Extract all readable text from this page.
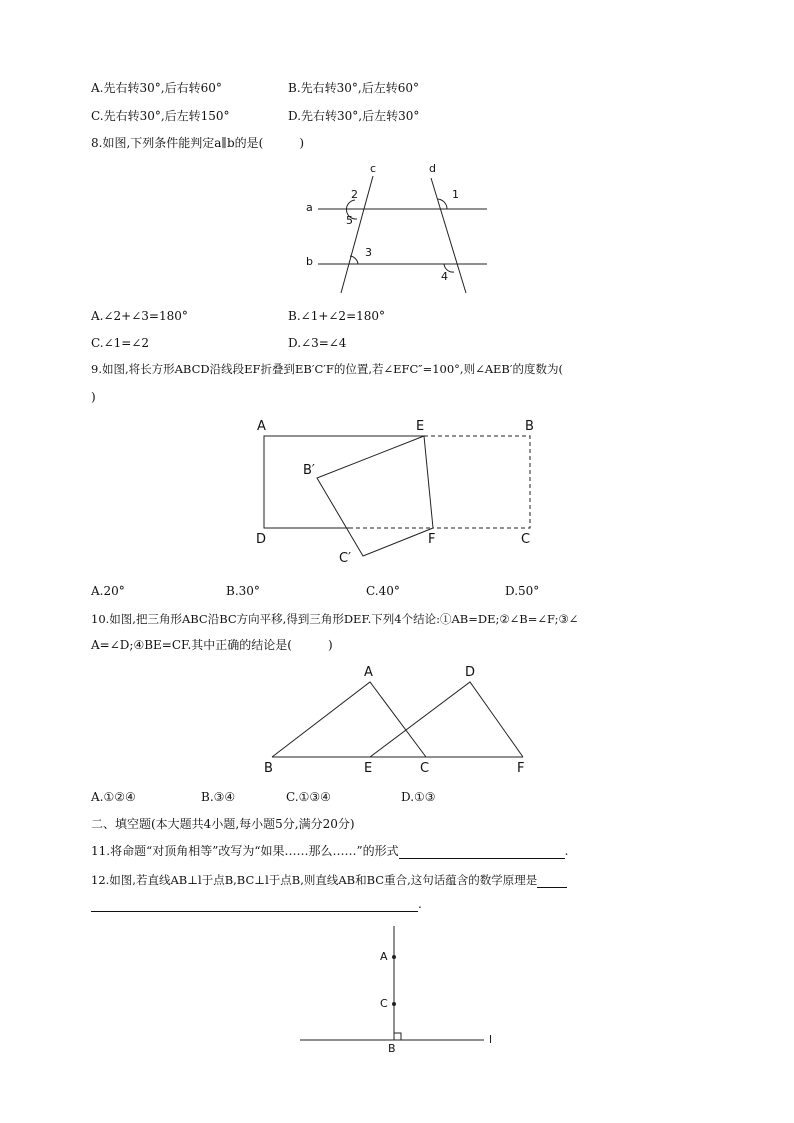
A.先右转30°,后右转60°	B.先右转30°,后左转60°
C.先右转30°,后左转150°	D.先右转30°,后左转30°
8.如图,下列条件能判定a∥b的是(　　　)
c	d
a
b
1
2
5
3
4
A.∠2+∠3=180°	B.∠1+∠2=180°
C.∠1=∠2	D.∠3=∠4
9.如图,将长方形ABCD沿线段EF折叠到EB′C′F的位置,若∠EFC″=100°,则∠AEB′的度数为(
)
A	E	B
B′
D	F	C
C′
A.20°	B.30°	C.40°	D.50°
10.如图,把三角形ABC沿BC方向平移,得到三角形DEF.下列4个结论:①AB=DE;②∠B=∠F;③∠
A=∠D;④BE=CF.其中正确的结论是(　　　)
A	D
B	E	C	F
A.①②④	B.③④	C.①③④	D.①③
二、填空题(本大题共4小题,每小题5分,满分20分)
11.将命题“对顶角相等”改写为“如果……那么……”的形式	.
12.如图,若直线AB⊥l于点B,BC⊥l于点B,则直线AB和BC重合,这句话蕴含的数学原理是
.
A
C
B
l
